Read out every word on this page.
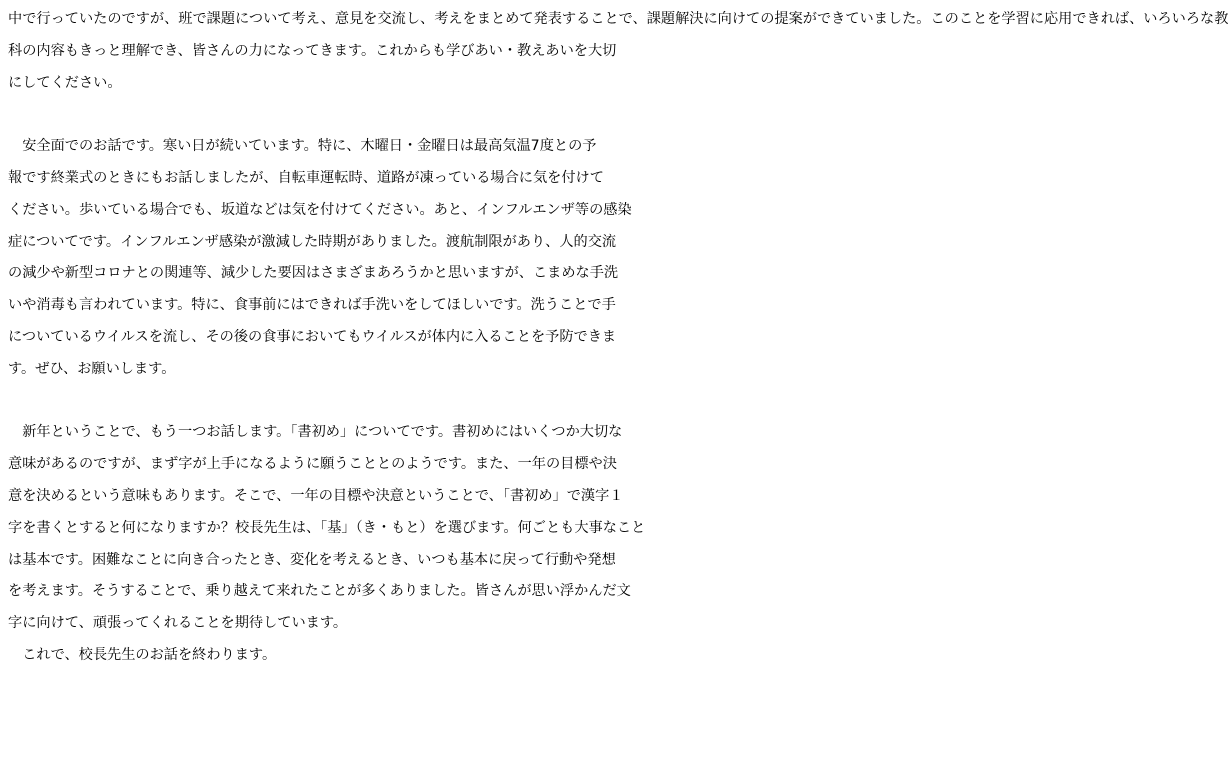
中で行っていたのですが、班で課題について考え、意見を交流し、考えをまとめて発表することで、課題解決に向けての提案ができていました。このことを学習に応用できれば、いろいろな教
科の内容もきっと理解でき、皆さんの力になってきます。これからも学びあい・教えあいを大切
にしてください。
　安全面でのお話です。寒い日が続いています。特に、木曜日・金曜日は最高気温7度との予
報です終業式のときにもお話しましたが、自転車運転時、道路が凍っている場合に気を付けて
ください。歩いている場合でも、坂道などは気を付けてください。あと、インフルエンザ等の感染
症についてです。インフルエンザ感染が激減した時期がありました。渡航制限があり、人的交流
の減少や新型コロナとの関連等、減少した要因はさまざまあろうかと思いますが、こまめな手洗
いや消毒も言われています。特に、食事前にはできれば手洗いをしてほしいです。洗うことで手
についているウイルスを流し、その後の食事においてもウイルスが体内に入ることを予防できま
す。ぜひ、お願いします。
　新年ということで、もう一つお話します。「書初め」についてです。書初めにはいくつか大切な
意味があるのですが、まず字が上手になるように願うこととのようです。また、一年の目標や決
意を決めるという意味もあります。そこで、一年の目標や決意ということで、「書初め」で漢字１
字を書くとすると何になりますか？校長先生は、「基」（き・もと）を選びます。何ごとも大事なこと
は基本です。困難なことに向き合ったとき、変化を考えるとき、いつも基本に戻って行動や発想
を考えます。そうすることで、乗り越えて来れたことが多くありました。皆さんが思い浮かんだ文
字に向けて、頑張ってくれることを期待しています。
　これで、校長先生のお話を終わります。
